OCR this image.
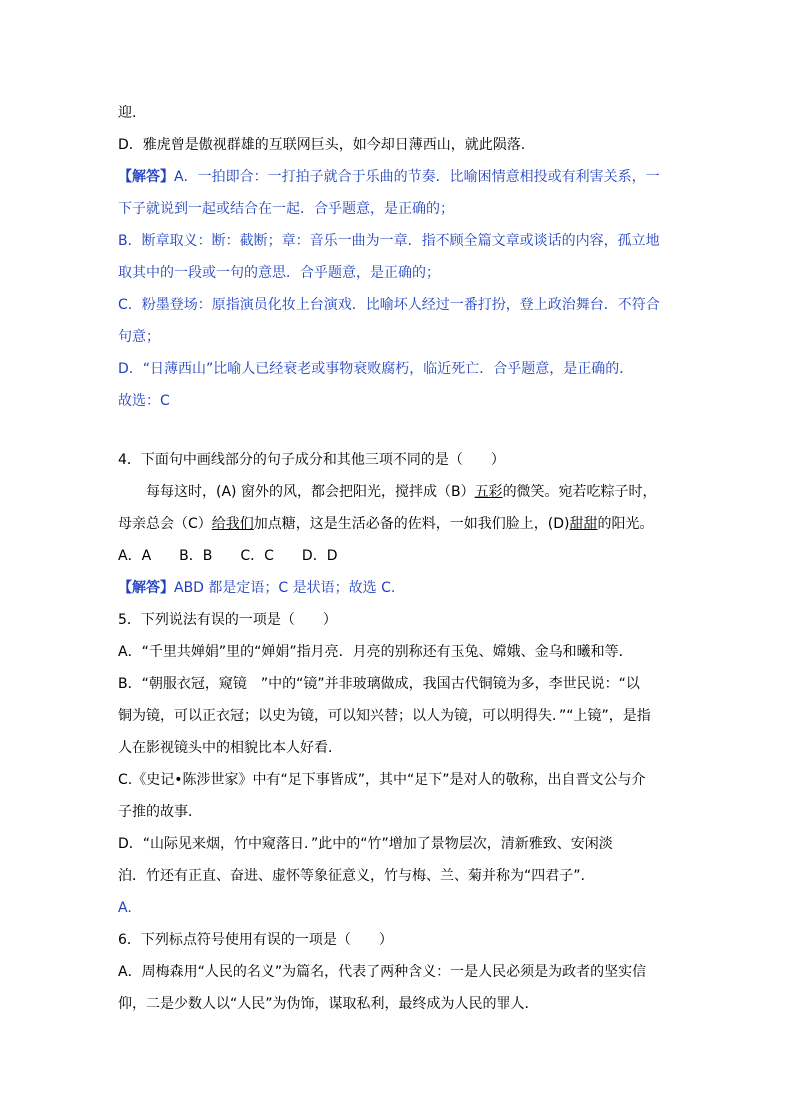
迎.
D．雅虎曾是傲视群雄的互联网巨头，如今却日薄西山，就此陨落.
【解答】A．一拍即合：一打拍子就合于乐曲的节奏．比喻困情意相投或有利害关系，一
下子就说到一起或结合在一起．合乎题意，是正确的；
B．断章取义：断：截断；章：音乐一曲为一章．指不顾全篇文章或谈话的内容，孤立地
取其中的一段或一句的意思．合乎题意，是正确的；
C．粉墨登场：原指演员化妆上台演戏．比喻坏人经过一番打扮，登上政治舞台．不符合
句意；
D．“日薄西山”比喻人已经衰老或事物衰败腐朽，临近死亡．合乎题意，是正确的．
故选：C
4．下面句中画线部分的句子成分和其他三项不同的是（　　）
每每这时，(A) 窗外的风，都会把阳光，搅拌成（B）五彩的微笑。宛若吃粽子时，
母亲总会（C）给我们加点糖，这是生活必备的佐料，一如我们脸上，(D)甜甜的阳光。
A．A　　B．B　　C．C　　D．D
【解答】ABD 都是定语；C 是状语；故选 C.
5．下列说法有误的一项是（　　）
A．“千里共婵娟”里的“婵娟”指月亮．月亮的别称还有玉兔、嫦娥、金乌和曦和等．
B．“朝服衣冠，窥镜　”中的“镜”并非玻璃做成，我国古代铜镜为多，李世民说：“以
铜为镜，可以正衣冠；以史为镜，可以知兴替；以人为镜，可以明得失．”“上镜”，是指
人在影视镜头中的相貌比本人好看．
C.《史记•陈涉世家》中有“足下事皆成”，其中“足下”是对人的敬称，出自晋文公与介
子推的故事．
D．“山际见来烟，竹中窥落日．”此中的“竹”增加了景物层次，清新雅致、安闲淡
泊．竹还有正直、奋进、虚怀等象征意义，竹与梅、兰、菊并称为“四君子”.
A.
6．下列标点符号使用有误的一项是（　　）
A．周梅森用“人民的名义”为篇名，代表了两种含义：一是人民必须是为政者的坚实信
仰，二是少数人以“人民”为伪饰，谋取私利，最终成为人民的罪人．
